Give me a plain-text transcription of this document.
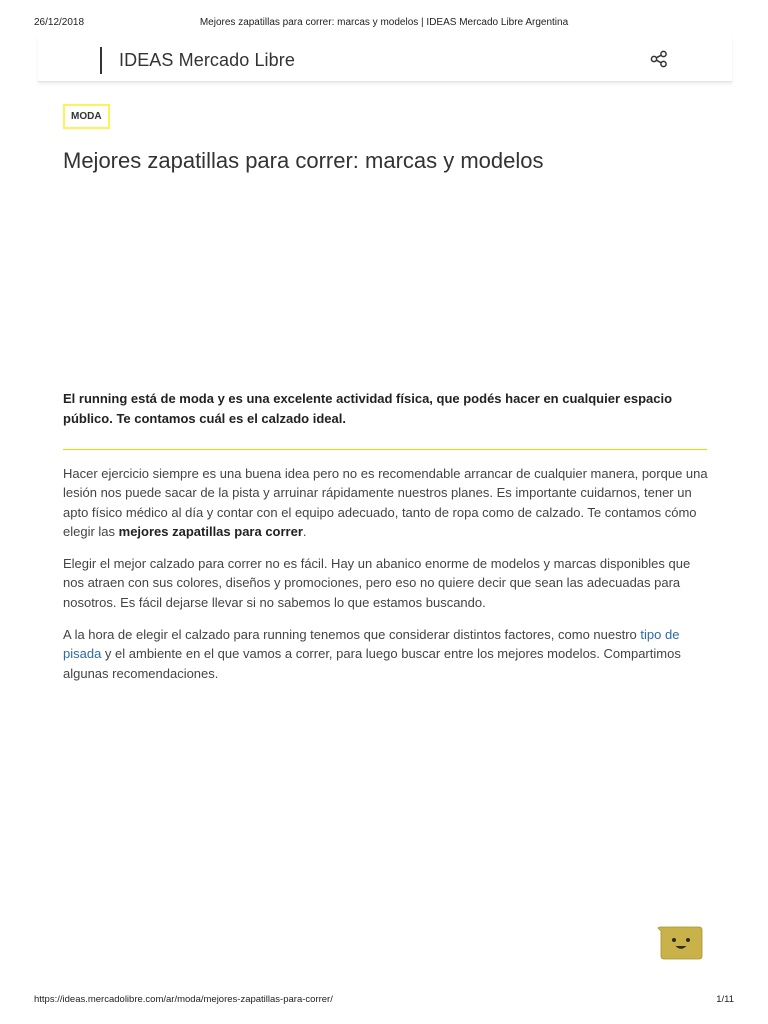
26/12/2018	Mejores zapatillas para correr: marcas y modelos | IDEAS Mercado Libre Argentina
IDEAS Mercado Libre
MODA
Mejores zapatillas para correr: marcas y modelos

El running está de moda y es una excelente actividad física, que podés hacer en cualquier espacio público. Te contamos cuál es el calzado ideal.

Hacer ejercicio siempre es una buena idea pero no es recomendable arrancar de cualquier manera, porque una lesión nos puede sacar de la pista y arruinar rápidamente nuestros planes. Es importante cuidarnos, tener un apto físico médico al día y contar con el equipo adecuado, tanto de ropa como de calzado. Te contamos cómo elegir las mejores zapatillas para correr.

Elegir el mejor calzado para correr no es fácil. Hay un abanico enorme de modelos y marcas disponibles que nos atraen con sus colores, diseños y promociones, pero eso no quiere decir que sean las adecuadas para nosotros. Es fácil dejarse llevar si no sabemos lo que estamos buscando.

A la hora de elegir el calzado para running tenemos que considerar distintos factores, como nuestro tipo de pisada y el ambiente en el que vamos a correr, para luego buscar entre los mejores modelos. Compartimos algunas recomendaciones.

https://ideas.mercadolibre.com/ar/moda/mejores-zapatillas-para-correr/	1/11
